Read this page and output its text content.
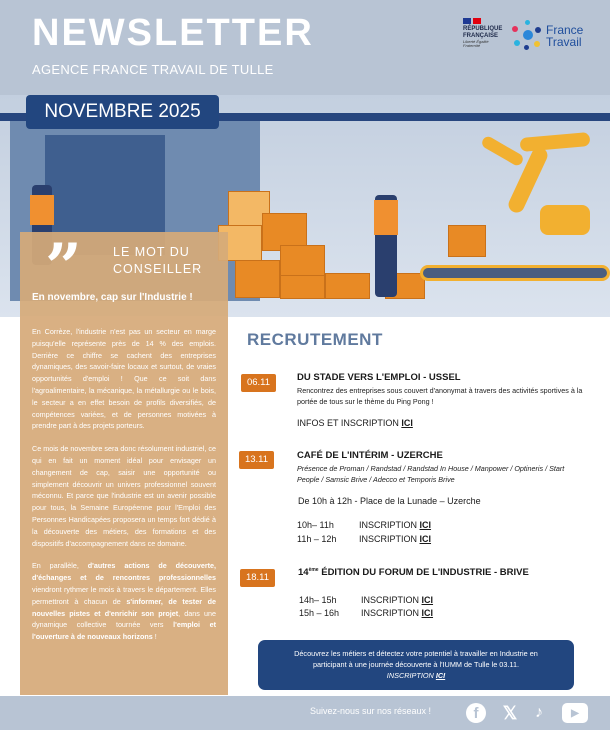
NEWSLETTER
AGENCE FRANCE TRAVAIL DE TULLE
RÉPUBLIQUE FRANÇAISE
Liberté Égalité Fraternité
France
Travail
NOVEMBRE 2025
” LE MOT DU
CONSEILLER
En novembre, cap sur l'Industrie !

En Corrèze, l'industrie n'est pas un secteur en marge puisqu'elle représente près de 14 % des emplois. Derrière ce chiffre se cachent des entreprises dynamiques, des savoir-faire locaux et surtout, de vraies opportunités d'emploi ! Que ce soit dans l'agroalimentaire, la mécanique, la métallurgie ou le bois, le secteur a en effet besoin de profils diversifiés, de compétences variées, et de personnes motivées à prendre part à des projets porteurs.

Ce mois de novembre sera donc résolument industriel, ce qui en fait un moment idéal pour envisager un changement de cap, saisir une opportunité ou simplement découvrir un univers professionnel souvent méconnu. Et parce que l'industrie est un avenir possible pour tous, la Semaine Européenne pour l'Emploi des Personnes Handicapées proposera un temps fort dédié à la découverte des métiers, des formations et des dispositifs d'accompagnement dans ce domaine.

En parallèle, d'autres actions de découverte, d'échanges et de rencontres professionnelles viendront rythmer le mois à travers le département. Elles permettront à chacun de s'informer, de tester de nouvelles pistes et d'enrichir son projet, dans une dynamique collective tournée vers l'emploi et l'ouverture à de nouveaux horizons !

RECRUTEMENT
06.11	DU STADE VERS L'EMPLOI - USSEL
Rencontrez des entreprises sous couvert d'anonymat à travers des activités sportives à la portée de tous sur le thème du Ping Pong !
INFOS ET INSCRIPTION ICI
13.11	CAFÉ DE L'INTÉRIM - UZERCHE
Présence de Proman / Randstad / Randstad In House / Manpower / Optineris / Start People / Samsic Brive / Adecco et Temporis Brive
De 10h à 12h - Place de la Lunade – Uzerche
10h– 11h	INSCRIPTION ICI
11h – 12h	INSCRIPTION ICI
18.11	14ème ÉDITION DU FORUM DE L'INDUSTRIE - BRIVE
14h– 15h	INSCRIPTION ICI
15h – 16h INSCRIPTION ICI
Découvrez les métiers et détectez votre potentiel à travailler en Industrie en
participant à une journée découverte à l'IUMM de Tulle le 03.11.
INSCRIPTION ICI
Suivez-nous sur nos réseaux !	f	𝕏	♪	▶
